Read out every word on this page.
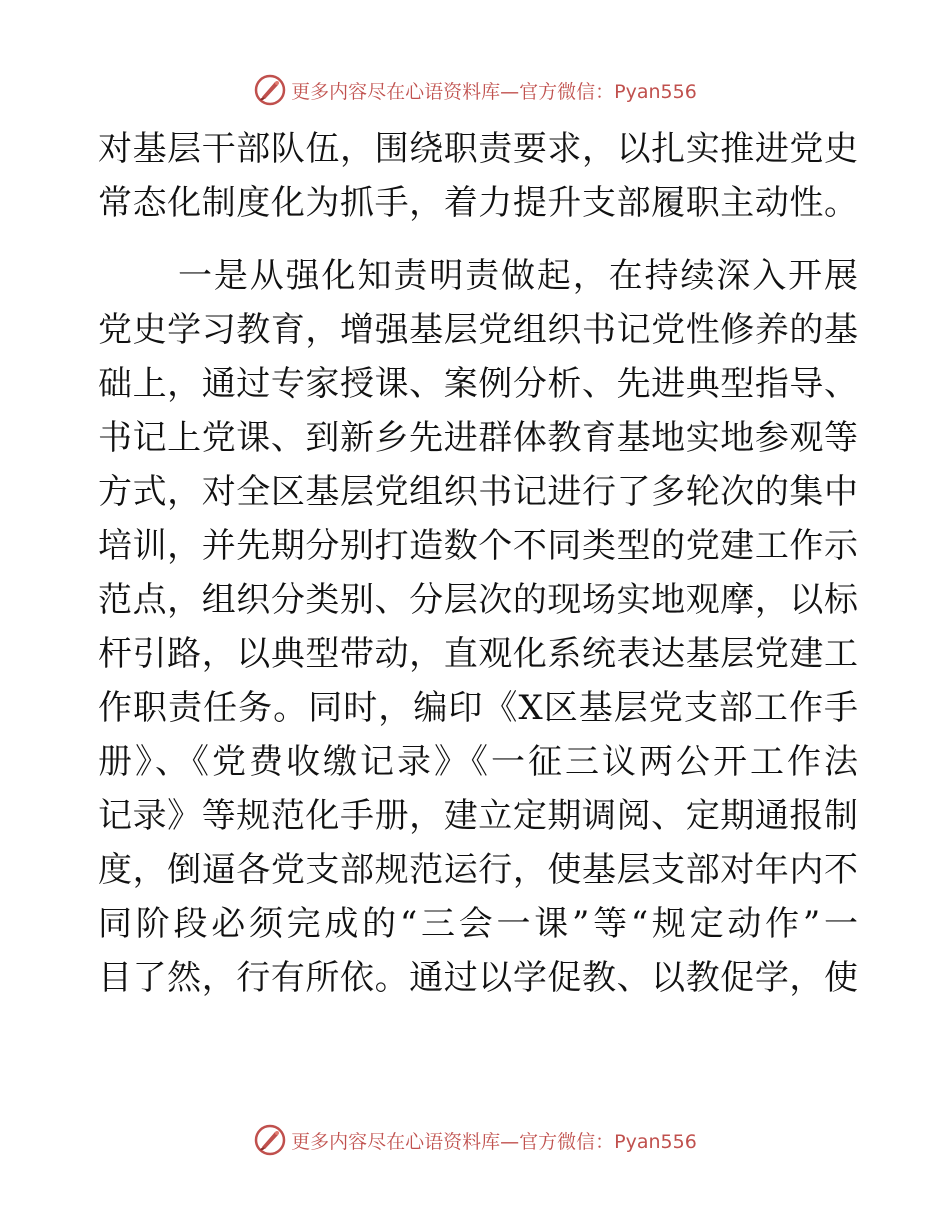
更多内容尽在心语资料库—官方微信：Pyan556
对基层干部队伍，围绕职责要求，以扎实推进党史
常态化制度化为抓手，着力提升支部履职主动性。
一是从强化知责明责做起，在持续深入开展
党史学习教育，增强基层党组织书记党性修养的基
础上，通过专家授课、案例分析、先进典型指导、
书记上党课、到新乡先进群体教育基地实地参观等
方式，对全区基层党组织书记进行了多轮次的集中
培训，并先期分别打造数个不同类型的党建工作示
范点，组织分类别、分层次的现场实地观摩，以标
杆引路，以典型带动，直观化系统表达基层党建工
作职责任务。同时，编印《X区基层党支部工作手
册》、《党费收缴记录》《一征三议两公开工作法
记录》等规范化手册，建立定期调阅、定期通报制
度，倒逼各党支部规范运行，使基层支部对年内不
同阶段必须完成的“三会一课”等“规定动作”一
目了然，行有所依。通过以学促教、以教促学，使
更多内容尽在心语资料库—官方微信：Pyan556
